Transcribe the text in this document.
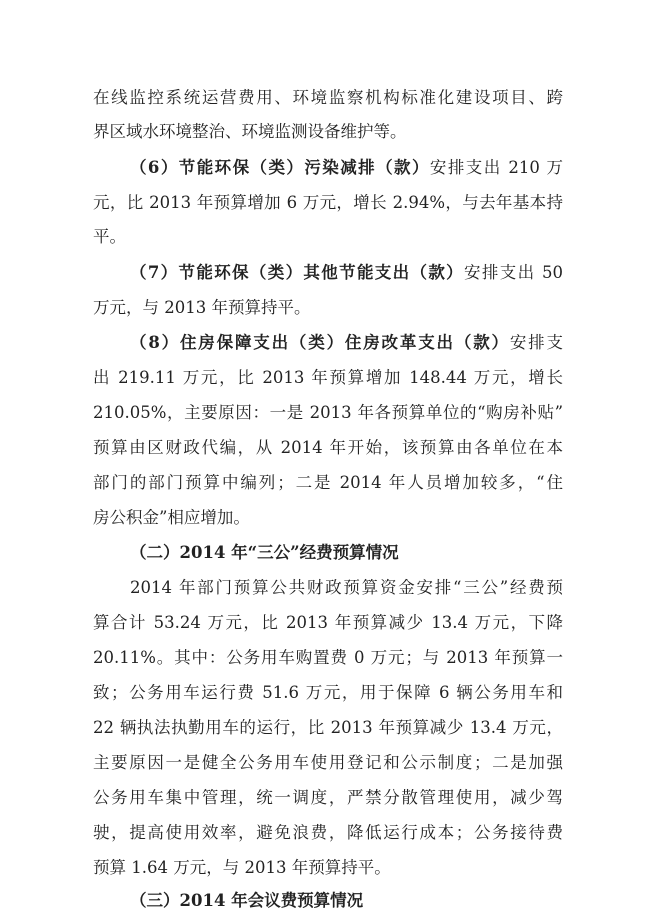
在线监控系统运营费用、环境监察机构标准化建设项目、跨
界区域水环境整治、环境监测设备维护等。
（6）节能环保（类）污染减排（款）安排支出 210 万
元，比 2013 年预算增加 6 万元，增长 2.94%，与去年基本持
平。
（7）节能环保（类）其他节能支出（款）安排支出 50
万元，与 2013 年预算持平。
（8）住房保障支出（类）住房改革支出（款）安排支
出 219.11 万元，比 2013 年预算增加 148.44 万元，增长
210.05%，主要原因：一是 2013 年各预算单位的“购房补贴”
预算由区财政代编，从 2014 年开始，该预算由各单位在本
部门的部门预算中编列；二是 2014 年人员增加较多，“住
房公积金”相应增加。
（二）2014 年“三公”经费预算情况
2014 年部门预算公共财政预算资金安排“三公”经费预
算合计 53.24 万元，比 2013 年预算减少 13.4 万元，下降
20.11%。其中：公务用车购置费 0 万元；与 2013 年预算一
致；公务用车运行费 51.6 万元，用于保障 6 辆公务用车和
22 辆执法执勤用车的运行，比 2013 年预算减少 13.4 万元，
主要原因一是健全公务用车使用登记和公示制度；二是加强
公务用车集中管理，统一调度，严禁分散管理使用，减少驾
驶，提高使用效率，避免浪费，降低运行成本；公务接待费
预算 1.64 万元，与 2013 年预算持平。
（三）2014 年会议费预算情况
